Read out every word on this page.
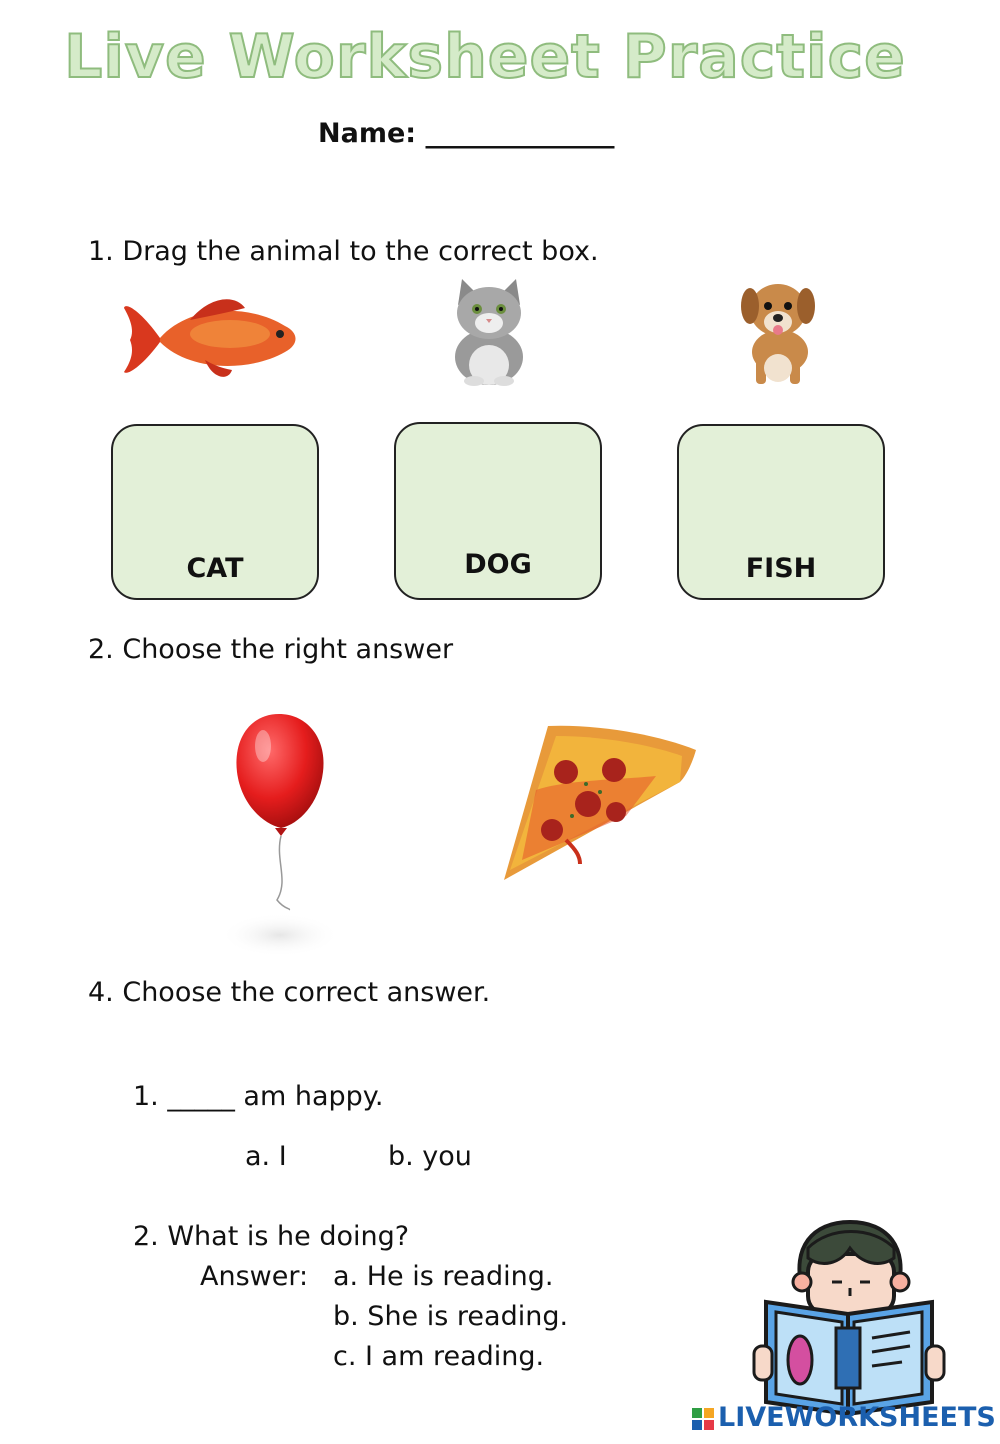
Live Worksheet Practice
Name: ______________
1. Drag the animal to the correct box.
CAT	DOG	FISH
2. Choose the right answer
4. Choose the correct answer.
1. _____ am happy.
a. I	b. you
2. What is he doing?
Answer: a. He is reading.
b. She is reading.
c. I am reading.
LIVEWORKSHEETS
